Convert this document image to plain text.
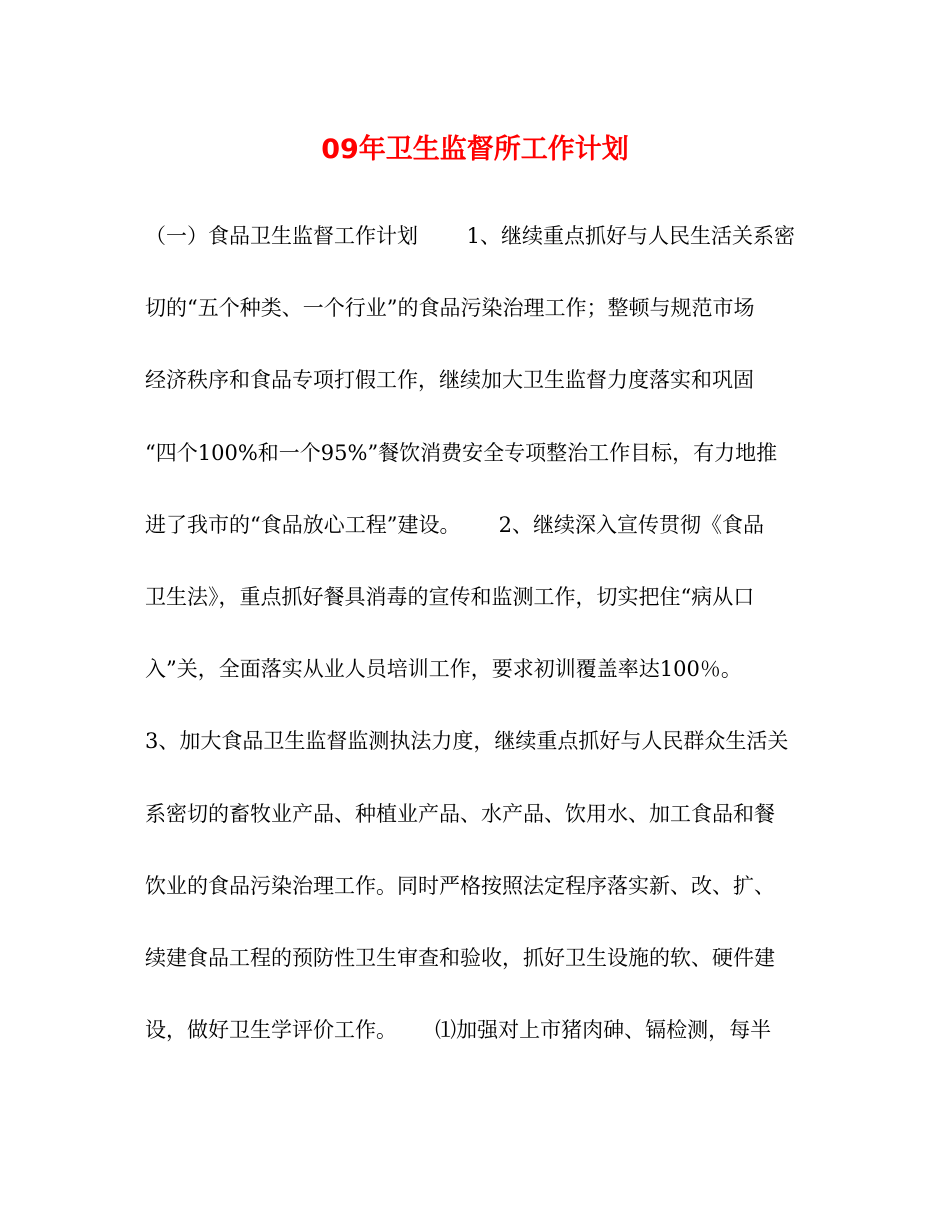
09年卫生监督所工作计划
（一）食品卫生监督工作计划　　 1、继续重点抓好与人民生活关系密
切的“五个种类、一个行业”的食品污染治理工作；整顿与规范市场
经济秩序和食品专项打假工作，继续加大卫生监督力度落实和巩固
“四个100%和一个95%”餐饮消费安全专项整治工作目标，有力地推
进了我市的“食品放心工程”建设。　　 2、继续深入宣传贯彻《食品
卫生法》，重点抓好餐具消毒的宣传和监测工作，切实把住“病从口
入”关，全面落实从业人员培训工作，要求初训覆盖率达100％。
3、加大食品卫生监督监测执法力度，继续重点抓好与人民群众生活关
系密切的畜牧业产品、种植业产品、水产品、饮用水、加工食品和餐
饮业的食品污染治理工作。同时严格按照法定程序落实新、改、扩、
续建食品工程的预防性卫生审查和验收，抓好卫生设施的软、硬件建
设，做好卫生学评价工作。　　 ⑴加强对上市猪肉砷、镉检测，每半
